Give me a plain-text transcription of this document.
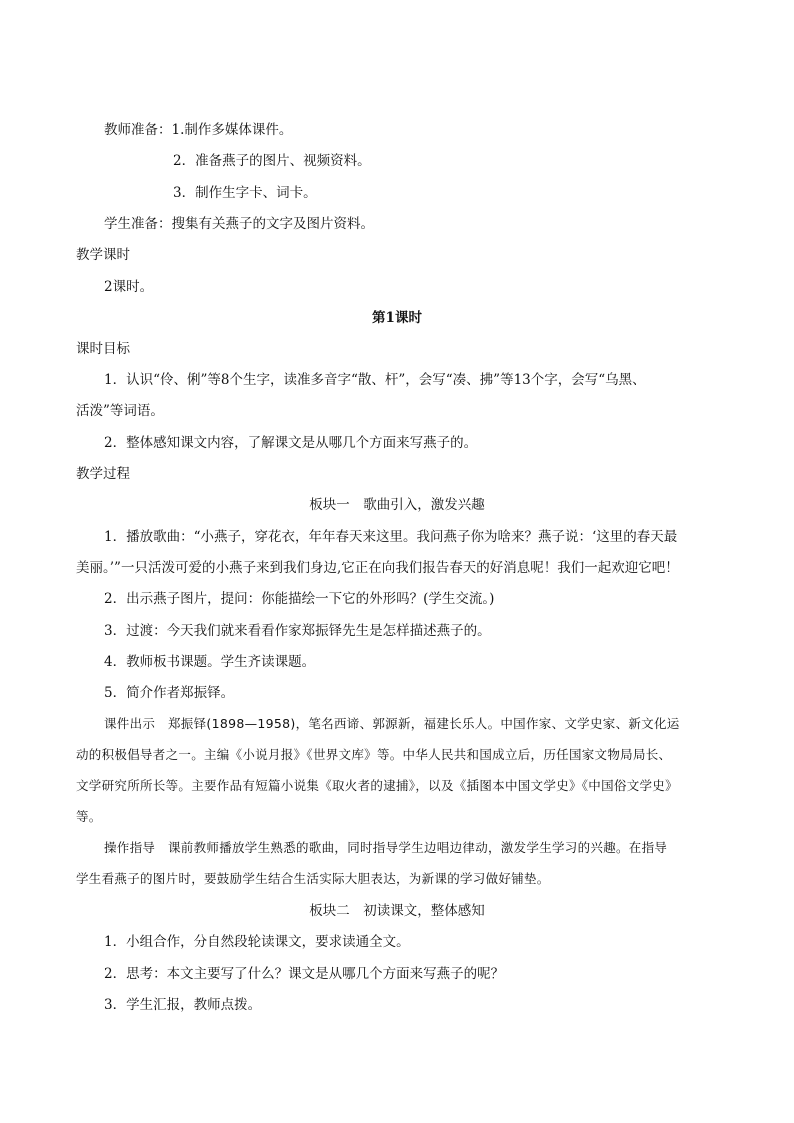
教师准备：1.制作多媒体课件。
2．准备燕子的图片、视频资料。
3．制作生字卡、词卡。
学生准备：搜集有关燕子的文字及图片资料。
教学课时
2课时。
第1课时
课时目标
1．认识“伶、俐”等8个生字，读准多音字“散、杆”，会写“凑、拂”等13个字，会写“乌黑、
活泼”等词语。
2．整体感知课文内容，了解课文是从哪几个方面来写燕子的。
教学过程
板块一　歌曲引入，激发兴趣
1．播放歌曲：“小燕子，穿花衣，年年春天来这里。我问燕子你为啥来？燕子说：‘这里的春天最
美丽。’”一只活泼可爱的小燕子来到我们身边,它正在向我们报告春天的好消息呢！我们一起欢迎它吧！
2．出示燕子图片，提问：你能描绘一下它的外形吗？(学生交流。)
3．过渡：今天我们就来看看作家郑振铎先生是怎样描述燕子的。
4．教师板书课题。学生齐读课题。
5．简介作者郑振铎。
课件出示　郑振铎(1898—1958)，笔名西谛、郭源新，福建长乐人。中国作家、文学史家、新文化运
动的积极倡导者之一。主编《小说月报》《世界文库》等。中华人民共和国成立后，历任国家文物局局长、
文学研究所所长等。主要作品有短篇小说集《取火者的逮捕》，以及《插图本中国文学史》《中国俗文学史》
等。
操作指导　课前教师播放学生熟悉的歌曲，同时指导学生边唱边律动，激发学生学习的兴趣。在指导
学生看燕子的图片时，要鼓励学生结合生活实际大胆表达，为新课的学习做好铺垫。
板块二　初读课文，整体感知
1．小组合作，分自然段轮读课文，要求读通全文。
2．思考：本文主要写了什么？课文是从哪几个方面来写燕子的呢？
3．学生汇报，教师点拨。
